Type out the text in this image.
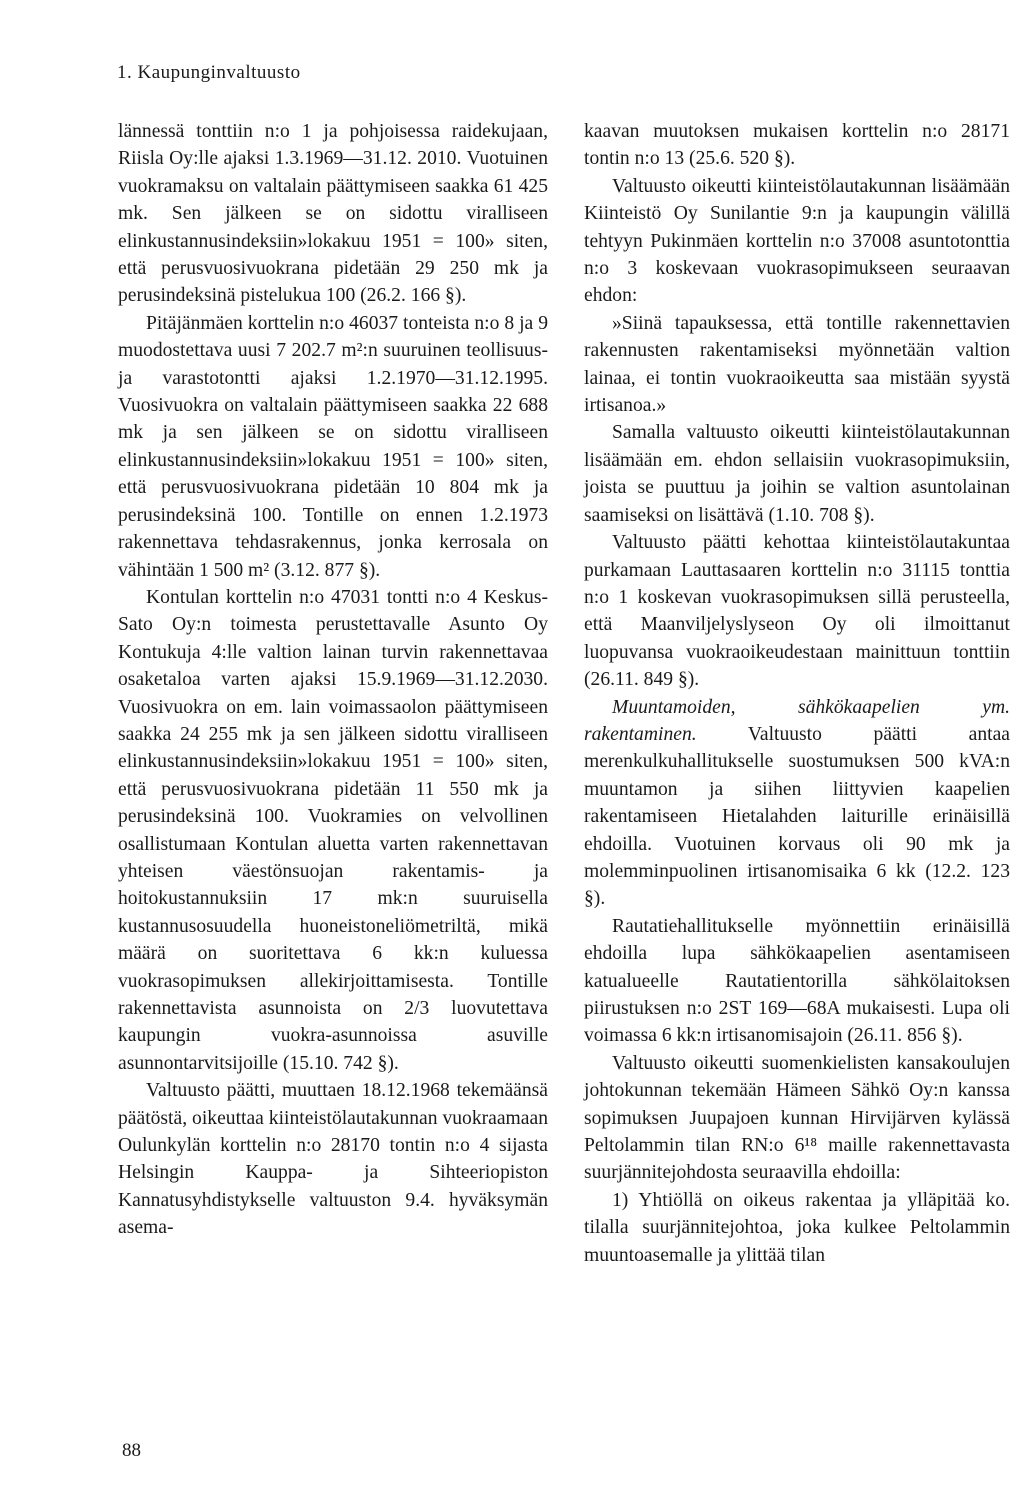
1. Kaupunginvaltuusto

lännessä tonttiin n:o 1 ja pohjoisessa raidekujaan, Riisla Oy:lle ajaksi 1.3.1969—31.12. 2010. Vuotuinen vuokramaksu on valtalain päättymiseen saakka 61 425 mk. Sen jälkeen se on sidottu viralliseen elinkustannusindeksiin»lokakuu 1951 = 100» siten, että perusvuosivuokrana pidetään 29 250 mk ja perusindeksinä pistelukua 100 (26.2. 166 §).

Pitäjänmäen korttelin n:o 46037 tonteista n:o 8 ja 9 muodostettava uusi 7 202.7 m²:n suuruinen teollisuus- ja varastotontti ajaksi 1.2.1970—31.12.1995. Vuosivuokra on valtalain päättymiseen saakka 22 688 mk ja sen jälkeen se on sidottu viralliseen elinkustannusindeksiin»lokakuu 1951 = 100» siten, että perusvuosivuokrana pidetään 10 804 mk ja perusindeksinä 100. Tontille on ennen 1.2.1973 rakennettava tehdasrakennus, jonka kerrosala on vähintään 1 500 m² (3.12. 877 §).

Kontulan korttelin n:o 47031 tontti n:o 4 Keskus-Sato Oy:n toimesta perustettavalle Asunto Oy Kontukuja 4:lle valtion lainan turvin rakennettavaa osaketaloa varten ajaksi 15.9.1969—31.12.2030. Vuosivuokra on em. lain voimassaolon päättymiseen saakka 24 255 mk ja sen jälkeen sidottu viralliseen elinkustannusindeksiin»lokakuu 1951 = 100» siten, että perusvuosivuokrana pidetään 11 550 mk ja perusindeksinä 100. Vuokramies on velvollinen osallistumaan Kontulan aluetta varten rakennettavan yhteisen väestönsuojan rakentamis- ja hoitokustannuksiin 17 mk:n suuruisella kustannusosuudella huoneistoneliömetriltä, mikä määrä on suoritettava 6 kk:n kuluessa vuokrasopimuksen allekirjoittamisesta. Tontille rakennettavista asunnoista on 2/3 luovutettava kaupungin vuokra-asunnoissa asuville asunnontarvitsijoille (15.10. 742 §).

Valtuusto päätti, muuttaen 18.12.1968 tekemäänsä päätöstä, oikeuttaa kiinteistölautakunnan vuokraamaan Oulunkylän korttelin n:o 28170 tontin n:o 4 sijasta Helsingin Kauppa- ja Sihteeriopiston Kannatusyhdistykselle valtuuston 9.4. hyväksymän asema-

kaavan muutoksen mukaisen korttelin n:o 28171 tontin n:o 13 (25.6. 520 §).

Valtuusto oikeutti kiinteistölautakunnan lisäämään Kiinteistö Oy Sunilantie 9:n ja kaupungin välillä tehtyyn Pukinmäen korttelin n:o 37008 asuntotonttia n:o 3 koskevaan vuokrasopimukseen seuraavan ehdon:

»Siinä tapauksessa, että tontille rakennettavien rakennusten rakentamiseksi myönnetään valtion lainaa, ei tontin vuokraoikeutta saa mistään syystä irtisanoa.»

Samalla valtuusto oikeutti kiinteistölautakunnan lisäämään em. ehdon sellaisiin vuokrasopimuksiin, joista se puuttuu ja joihin se valtion asuntolainan saamiseksi on lisättävä (1.10. 708 §).

Valtuusto päätti kehottaa kiinteistölautakuntaa purkamaan Lauttasaaren korttelin n:o 31115 tonttia n:o 1 koskevan vuokrasopimuksen sillä perusteella, että Maanviljelyslyseon Oy oli ilmoittanut luopuvansa vuokraoikeudestaan mainittuun tonttiin (26.11. 849 §).

Muuntamoiden, sähkökaapelien ym. rakentaminen. Valtuusto päätti antaa merenkulkuhallitukselle suostumuksen 500 kVA:n muuntamon ja siihen liittyvien kaapelien rakentamiseen Hietalahden laiturille erinäisillä ehdoilla. Vuotuinen korvaus oli 90 mk ja molemminpuolinen irtisanomisaika 6 kk (12.2. 123 §).

Rautatiehallitukselle myönnettiin erinäisillä ehdoilla lupa sähkökaapelien asentamiseen katualueelle Rautatientorilla sähkölaitoksen piirustuksen n:o 2ST 169—68A mukaisesti. Lupa oli voimassa 6 kk:n irtisanomisajoin (26.11. 856 §).

Valtuusto oikeutti suomenkielisten kansakoulujen johtokunnan tekemään Hämeen Sähkö Oy:n kanssa sopimuksen Juupajoen kunnan Hirvijärven kylässä Peltolammin tilan RN:o 6¹⁸ maille rakennettavasta suurjännitejohdosta seuraavilla ehdoilla:

1) Yhtiöllä on oikeus rakentaa ja ylläpitää ko. tilalla suurjännitejohtoa, joka kulkee Peltolammin muuntoasemalle ja ylittää tilan

88
